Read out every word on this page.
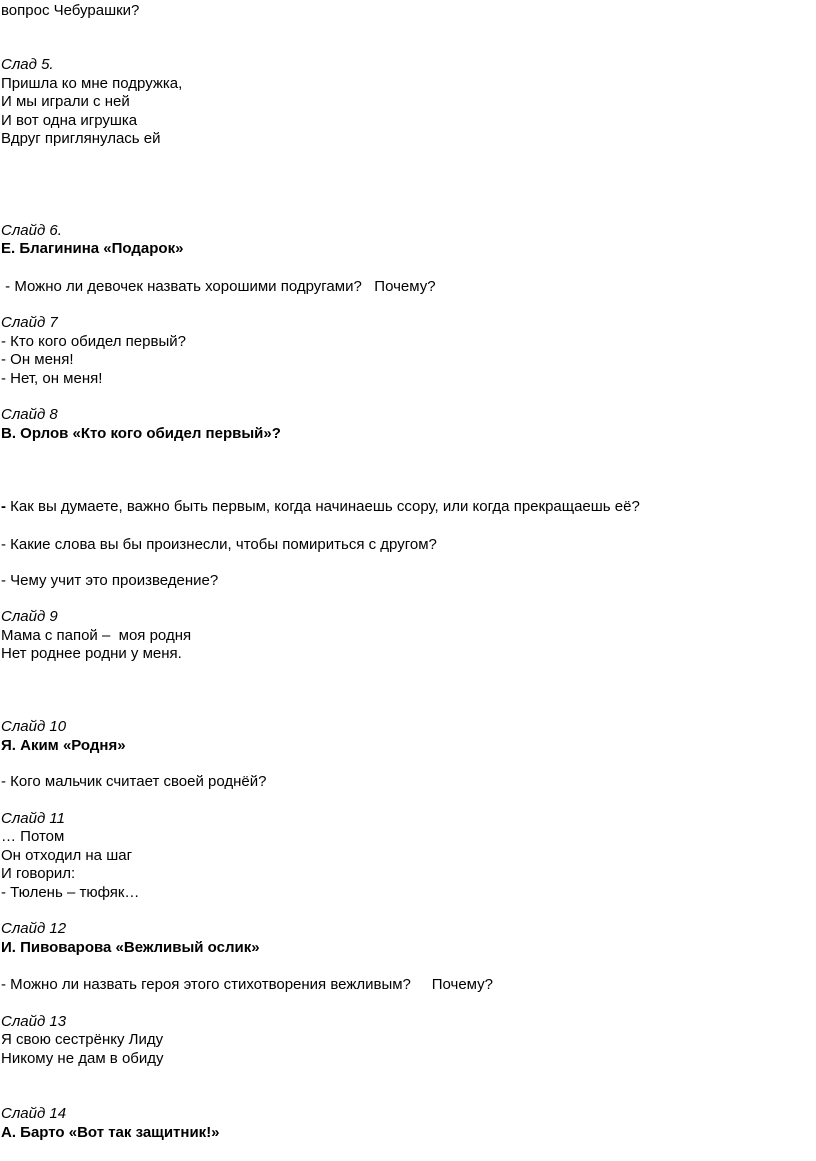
вопрос Чебурашки?
Слад 5.
Пришла ко мне подружка,
И мы играли с ней
И вот одна игрушка
Вдруг приглянулась ей
Слайд 6.
Е. Благинина «Подарок»
- Можно ли девочек назвать хорошими подругами?   Почему?
Слайд 7
- Кто кого обидел первый?
- Он меня!
- Нет, он меня!
Слайд 8
В. Орлов «Кто кого обидел первый»?
- Как вы думаете, важно быть первым, когда начинаешь ссору, или когда прекращаешь её?
- Какие слова вы бы произнесли, чтобы помириться с другом?
- Чему учит это произведение?
Слайд 9
Мама с папой –  моя родня
Нет роднее родни у меня.
Слайд 10
Я. Аким «Родня»
- Кого мальчик считает своей роднёй?
Слайд 11
… Потом
Он отходил на шаг
И говорил:
- Тюлень – тюфяк…
Слайд 12
И. Пивоварова «Вежливый ослик»
- Можно ли назвать героя этого стихотворения вежливым?     Почему?
Слайд 13
Я свою сестрёнку Лиду
Никому не дам в обиду
Слайд 14
А. Барто «Вот так защитник!»
